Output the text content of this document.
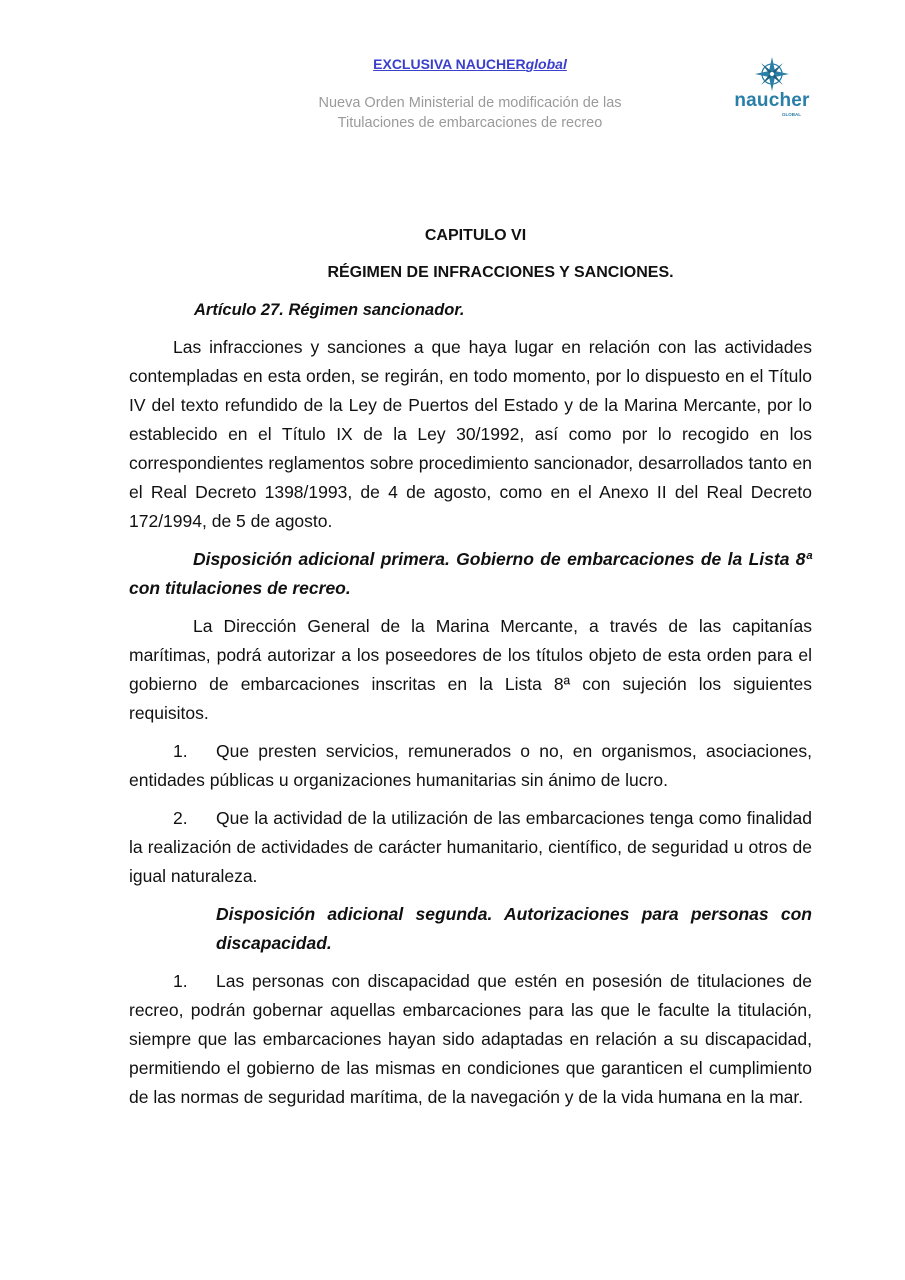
EXCLUSIVA NAUCHERglobal
Nueva Orden Ministerial de modificación de las
Titulaciones de embarcaciones de recreo
naucher
GLOBAL
CAPITULO VI
RÉGIMEN DE INFRACCIONES Y SANCIONES.
Artículo 27. Régimen sancionador.

Las infracciones y sanciones a que haya lugar en relación con las actividades contempladas en esta orden, se regirán, en todo momento, por lo dispuesto en el Título IV del texto refundido de la Ley de Puertos del Estado y de la Marina Mercante, por lo establecido en el Título IX de la Ley 30/1992, así como por lo recogido en los correspondientes reglamentos sobre procedimiento sancionador, desarrollados tanto en el Real Decreto 1398/1993, de 4 de agosto, como en el Anexo II del Real Decreto 172/1994, de 5 de agosto.

Disposición adicional primera. Gobierno de embarcaciones de la Lista 8ª con titulaciones de recreo.

La Dirección General de la Marina Mercante, a través de las capitanías marítimas, podrá autorizar a los poseedores de los títulos objeto de esta orden para el gobierno de embarcaciones inscritas en la Lista 8ª con sujeción los siguientes requisitos.

1. Que presten servicios, remunerados o no, en organismos, asociaciones, entidades públicas u organizaciones humanitarias sin ánimo de lucro.

2. Que la actividad de la utilización de las embarcaciones tenga como finalidad la realización de actividades de carácter humanitario, científico, de seguridad u otros de igual naturaleza.

Disposición adicional segunda. Autorizaciones para personas con discapacidad.

1. Las personas con discapacidad que estén en posesión de titulaciones de recreo, podrán gobernar aquellas embarcaciones para las que le faculte la titulación, siempre que las embarcaciones hayan sido adaptadas en relación a su discapacidad, permitiendo el gobierno de las mismas en condiciones que garanticen el cumplimiento de las normas de seguridad marítima, de la navegación y de la vida humana en la mar.
